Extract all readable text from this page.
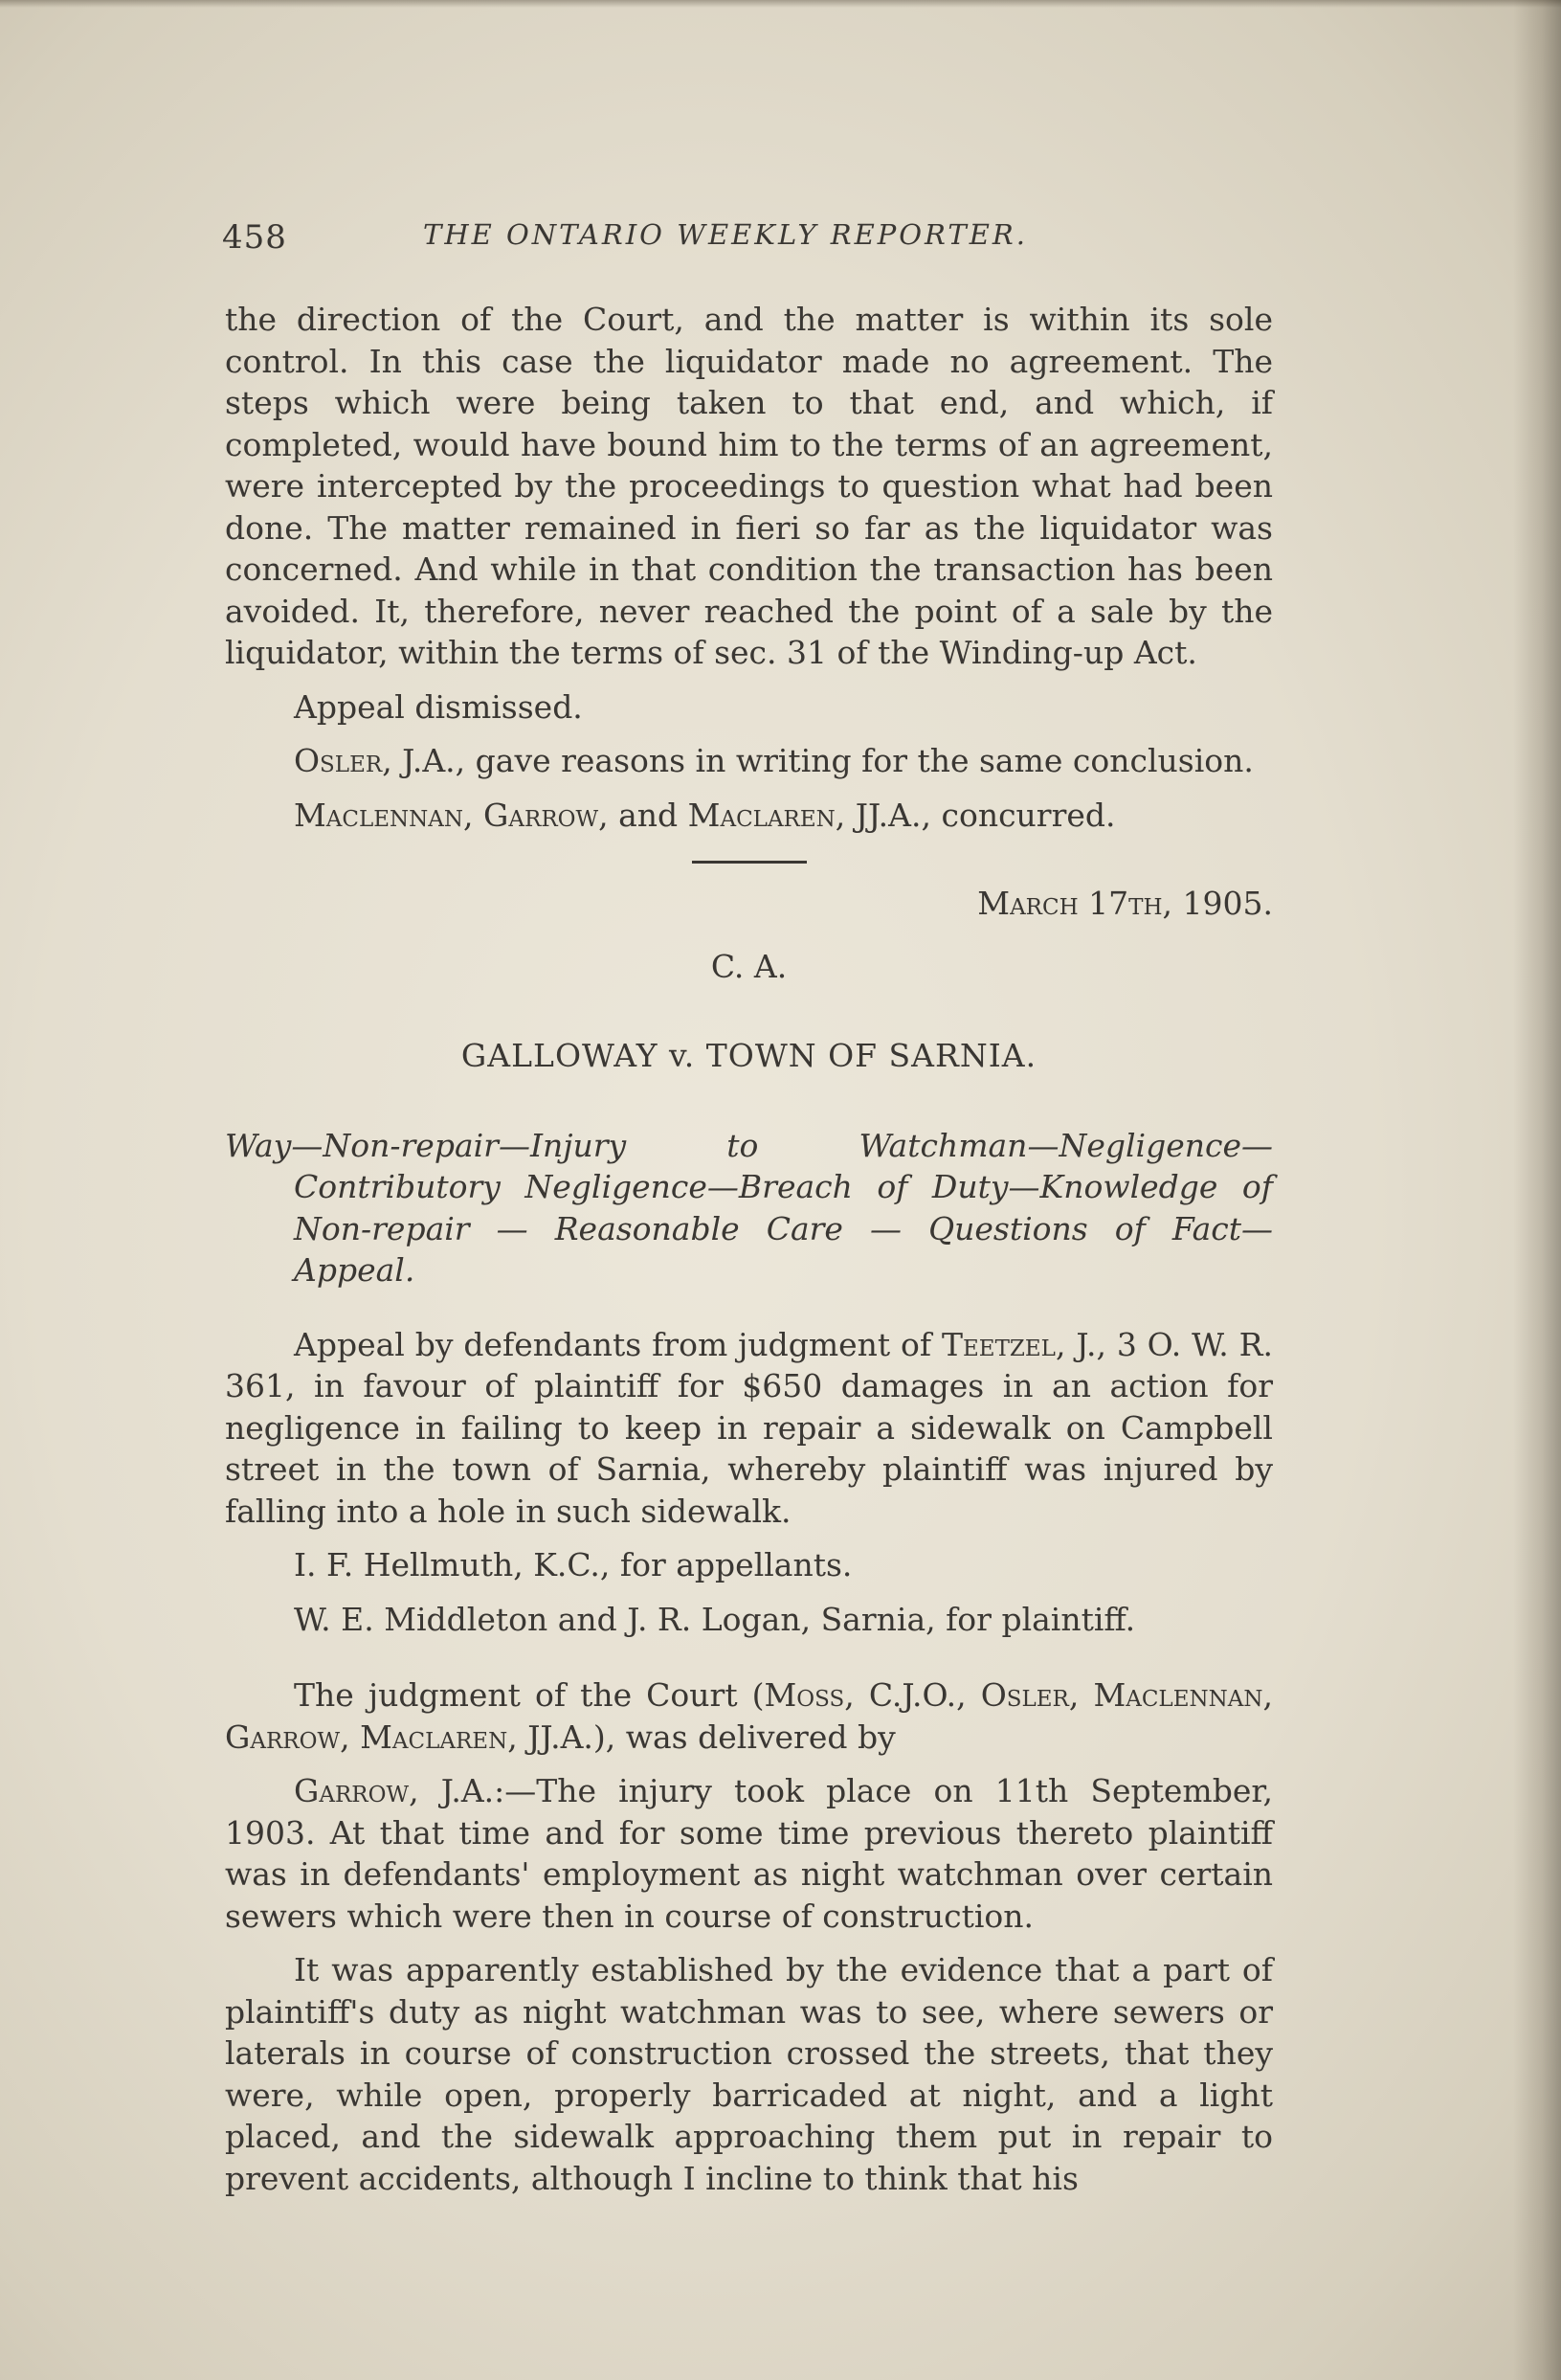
458	THE ONTARIO WEEKLY REPORTER.

the direction of the Court, and the matter is within its sole control. In this case the liquidator made no agreement. The steps which were being taken to that end, and which, if completed, would have bound him to the terms of an agreement, were intercepted by the proceedings to question what had been done. The matter remained in fieri so far as the liquidator was concerned. And while in that condition the transaction has been avoided. It, therefore, never reached the point of a sale by the liquidator, within the terms of sec. 31 of the Winding-up Act.

Appeal dismissed.

Osler, J.A., gave reasons in writing for the same conclusion.

Maclennan, Garrow, and Maclaren, JJ.A., concurred.

March 17th, 1905.

C. A.

GALLOWAY v. TOWN OF SARNIA.

Way—Non-repair—Injury to Watchman—Negligence—Contributory Negligence—Breach of Duty—Knowledge of Non-repair — Reasonable Care — Questions of Fact—Appeal.

Appeal by defendants from judgment of Teetzel, J., 3 O. W. R. 361, in favour of plaintiff for $650 damages in an action for negligence in failing to keep in repair a sidewalk on Campbell street in the town of Sarnia, whereby plaintiff was injured by falling into a hole in such sidewalk.

I. F. Hellmuth, K.C., for appellants.

W. E. Middleton and J. R. Logan, Sarnia, for plaintiff.

The judgment of the Court (Moss, C.J.O., Osler, Maclennan, Garrow, Maclaren, JJ.A.), was delivered by

Garrow, J.A.:—The injury took place on 11th September, 1903. At that time and for some time previous thereto plaintiff was in defendants' employment as night watchman over certain sewers which were then in course of construction.

It was apparently established by the evidence that a part of plaintiff's duty as night watchman was to see, where sewers or laterals in course of construction crossed the streets, that they were, while open, properly barricaded at night, and a light placed, and the sidewalk approaching them put in repair to prevent accidents, although I incline to think that his
